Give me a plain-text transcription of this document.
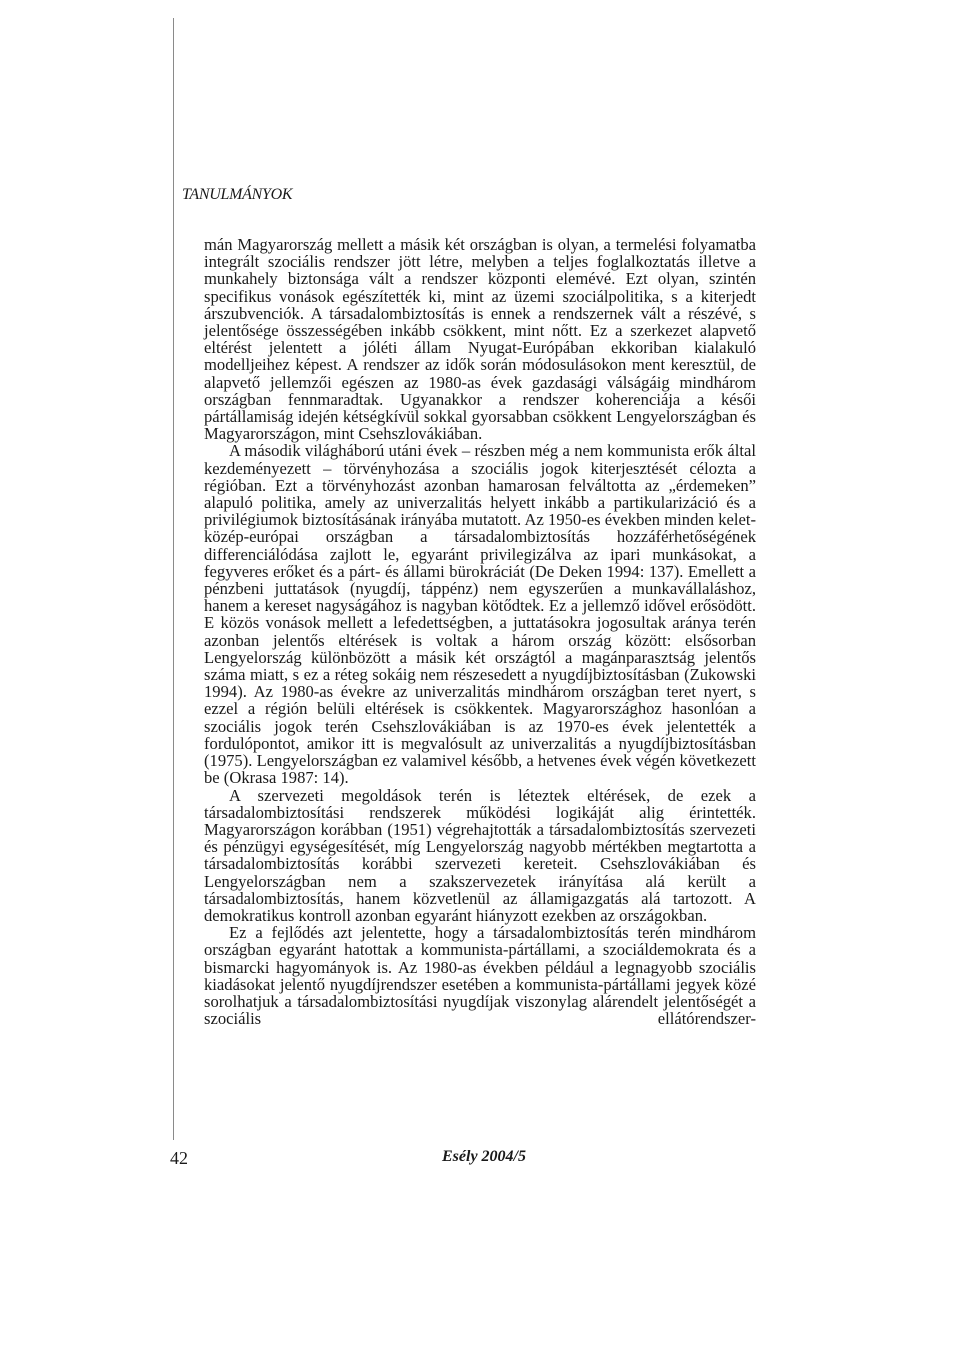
TANULMÁNYOK

mán Magyarország mellett a másik két országban is olyan, a termelési folyamatba integrált szociális rendszer jött létre, melyben a teljes foglalkoztatás illetve a munkahely biztonsága vált a rendszer központi elemévé. Ezt olyan, szintén specifikus vonások egészítették ki, mint az üzemi szociálpolitika, s a kiterjedt árszubvenciók. A társadalombiztosítás is ennek a rendszernek vált a részévé, s jelentősége összességében inkább csökkent, mint nőtt. Ez a szerkezet alapvető eltérést jelentett a jóléti állam Nyugat-Európában ekkoriban kialakuló modelljeihez képest. A rendszer az idők során módosulásokon ment keresztül, de alapvető jellemzői egészen az 1980-as évek gazdasági válságáig mindhárom országban fennmaradtak. Ugyanakkor a rendszer koherenciája a késői pártállamiság idején kétségkívül sokkal gyorsabban csökkent Lengyelországban és Magyarországon, mint Csehszlovákiában.

A második világháború utáni évek – részben még a nem kommunista erők által kezdeményezett – törvényhozása a szociális jogok kiterjesztését célozta a régióban. Ezt a törvényhozást azonban hamarosan felváltotta az „érdemeken” alapuló politika, amely az univerzalitás helyett inkább a partikularizáció és a privilégiumok biztosításának irányába mutatott. Az 1950-es években minden kelet-közép-európai országban a társadalombiztosítás hozzáférhetőségének differenciálódása zajlott le, egyaránt privilegizálva az ipari munkásokat, a fegyveres erőket és a párt- és állami bürokráciát (De Deken 1994: 137). Emellett a pénzbeni juttatások (nyugdíj, táppénz) nem egyszerűen a munkavállaláshoz, hanem a kereset nagyságához is nagyban kötődtek. Ez a jellemző idővel erősödött. E közös vonások mellett a lefedettségben, a juttatásokra jogosultak aránya terén azonban jelentős eltérések is voltak a három ország között: elsősorban Lengyelország különbözött a másik két országtól a magánparasztság jelentős száma miatt, s ez a réteg sokáig nem részesedett a nyugdíjbiztosításban (Zukowski 1994). Az 1980-as évekre az univerzalitás mindhárom országban teret nyert, s ezzel a régión belüli eltérések is csökkentek. Magyarországhoz hasonlóan a szociális jogok terén Csehszlovákiában is az 1970-es évek jelentették a fordulópontot, amikor itt is megvalósult az univerzalitás a nyugdíjbiztosításban (1975). Lengyelországban ez valamivel később, a hetvenes évek végén következett be (Okrasa 1987: 14).

A szervezeti megoldások terén is léteztek eltérések, de ezek a társadalombiztosítási rendszerek működési logikáját alig érintették. Magyarországon korábban (1951) végrehajtották a társadalombiztosítás szervezeti és pénzügyi egységesítését, míg Lengyelország nagyobb mértékben megtartotta a társadalombiztosítás korábbi szervezeti kereteit. Csehszlovákiában és Lengyelországban nem a szakszervezetek irányítása alá került a társadalombiztosítás, hanem közvetlenül az államigazgatás alá tartozott. A demokratikus kontroll azonban egyaránt hiányzott ezekben az országokban.

Ez a fejlődés azt jelentette, hogy a társadalombiztosítás terén mindhárom országban egyaránt hatottak a kommunista-pártállami, a szociáldemokrata és a bismarcki hagyományok is. Az 1980-as években például a legnagyobb szociális kiadásokat jelentő nyugdíjrendszer esetében a kommunista-pártállami jegyek közé sorolhatjuk a társadalombiztosítási nyugdíjak viszonylag alárendelt jelentőségét a szociális ellátórendszer-

42	Esély 2004/5
